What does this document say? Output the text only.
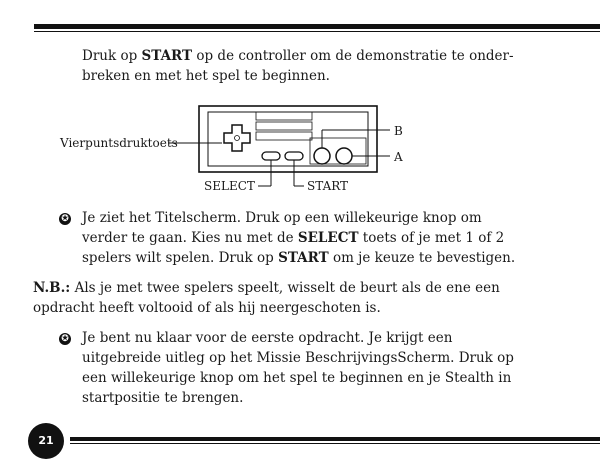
Druk op START op de controller om de demonstratie te onder-breken en met het spel te beginnen.
Vierpuntsdruktoets
B
A
SELECT	START
✪ Je ziet het Titelscherm. Druk op een willekeurige knop om verder te gaan. Kies nu met de SELECT toets of je met 1 of 2 spelers wilt spelen. Druk op START om je keuze te bevestigen.
N.B.: Als je met twee spelers speelt, wisselt de beurt als de ene een opdracht heeft voltooid of als hij neergeschoten is.
✪ Je bent nu klaar voor de eerste opdracht. Je krijgt een uitgebreide uitleg op het Missie BeschrijvingsScherm. Druk op een willekeurige knop om het spel te beginnen en je Stealth in startpositie te brengen.
21
